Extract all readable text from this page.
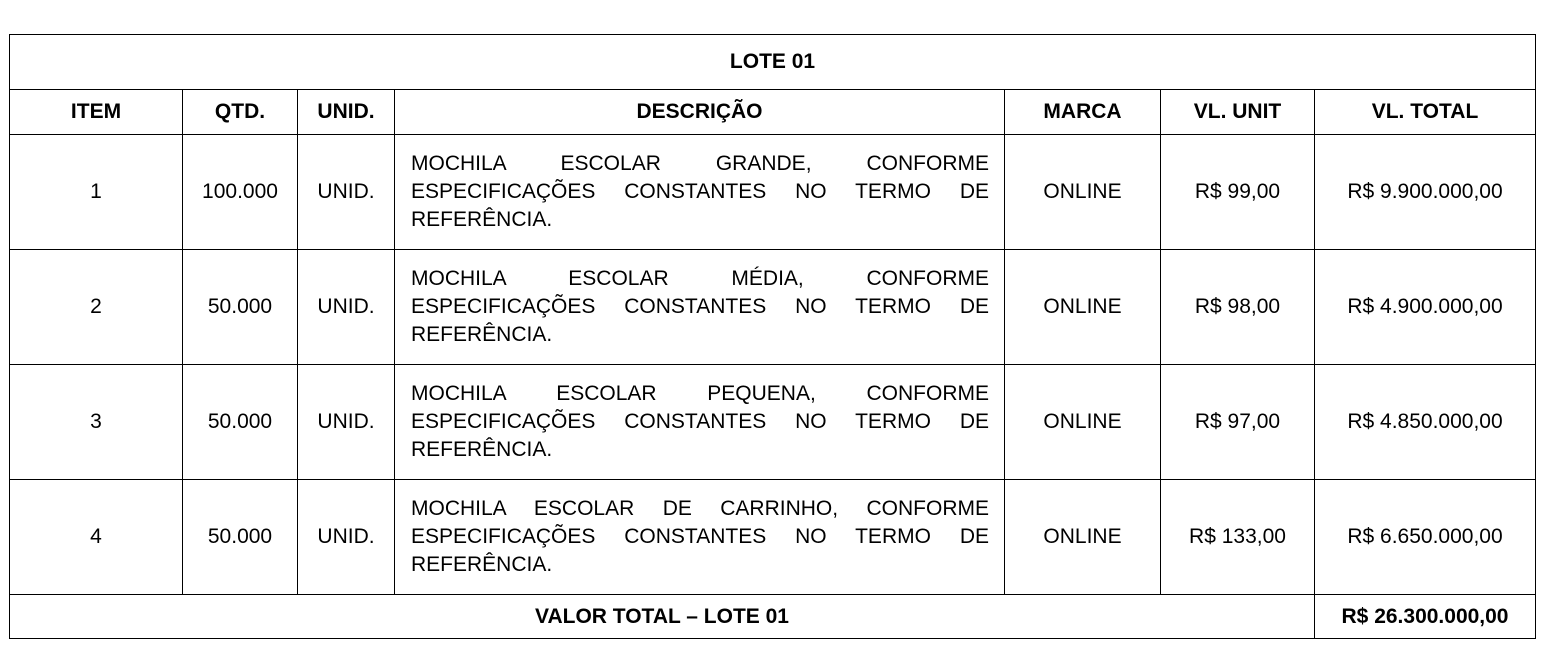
LOTE 01						
ITEM	QTD.	UNID.	DESCRIÇÃO	MARCA	VL. UNIT	VL. TOTAL
1	100.000	UNID.	MOCHILA ESCOLAR GRANDE, CONFORME ESPECIFICAÇÕES CONSTANTES NO TERMO DE REFERÊNCIA.	ONLINE	R$ 99,00	R$ 9.900.000,00
2	50.000	UNID.	MOCHILA ESCOLAR MÉDIA, CONFORME ESPECIFICAÇÕES CONSTANTES NO TERMO DE REFERÊNCIA.	ONLINE	R$ 98,00	R$ 4.900.000,00
3	50.000	UNID.	MOCHILA ESCOLAR PEQUENA, CONFORME ESPECIFICAÇÕES CONSTANTES NO TERMO DE REFERÊNCIA.	ONLINE	R$ 97,00	R$ 4.850.000,00
4	50.000	UNID.	MOCHILA ESCOLAR DE CARRINHO, CONFORME ESPECIFICAÇÕES CONSTANTES NO TERMO DE REFERÊNCIA.	ONLINE	R$ 133,00	R$ 6.650.000,00
VALOR TOTAL – LOTE 01						R$ 26.300.000,00
